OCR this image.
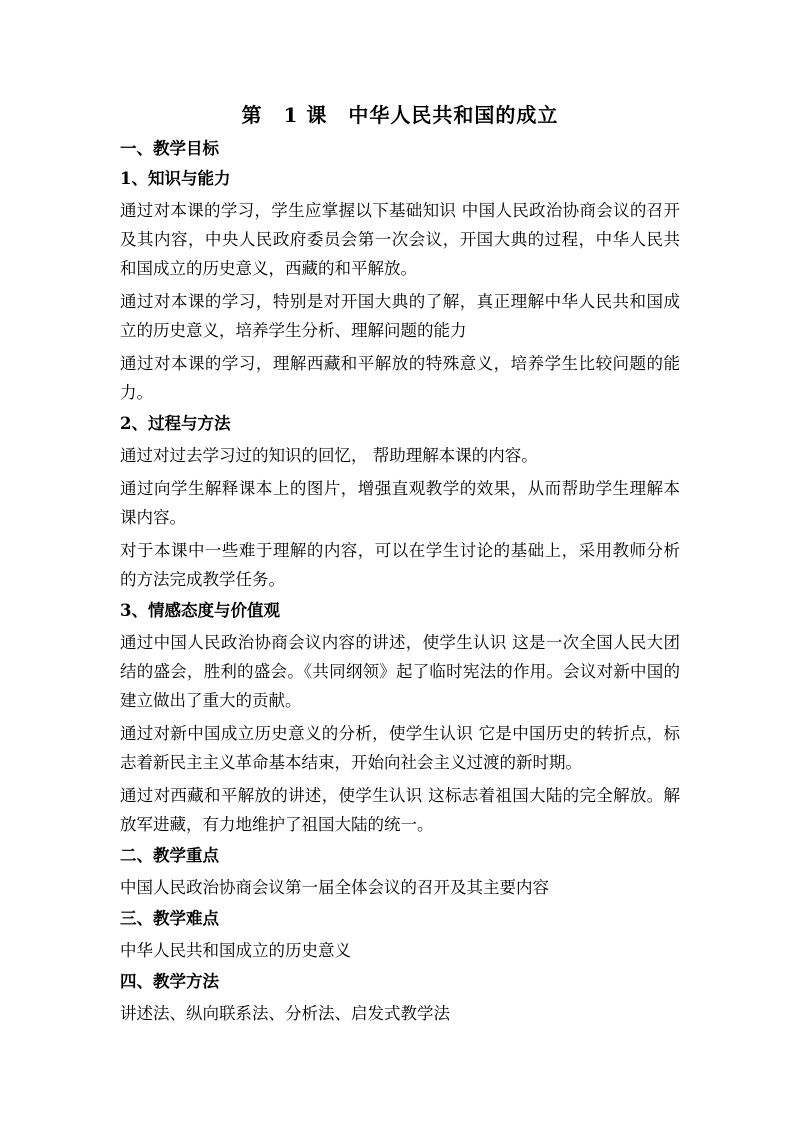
第　1 课　中华人民共和国的成立
一、教学目标
1、知识与能力
通过对本课的学习，学生应掌握以下基础知识 中国人民政治协商会议的召开及其内容，中央人民政府委员会第一次会议，开国大典的过程，中华人民共和国成立的历史意义，西藏的和平解放。
通过对本课的学习，特别是对开国大典的了解，真正理解中华人民共和国成立的历史意义，培养学生分析、理解问题的能力
通过对本课的学习，理解西藏和平解放的特殊意义，培养学生比较问题的能力。
2、过程与方法
通过对过去学习过的知识的回忆， 帮助理解本课的内容。
通过向学生解释课本上的图片，增强直观教学的效果，从而帮助学生理解本课内容。
对于本课中一些难于理解的内容，可以在学生讨论的基础上，采用教师分析的方法完成教学任务。
3、情感态度与价值观
通过中国人民政治协商会议内容的讲述，使学生认识 这是一次全国人民大团结的盛会，胜利的盛会。《共同纲领》起了临时宪法的作用。会议对新中国的建立做出了重大的贡献。
通过对新中国成立历史意义的分析，使学生认识 它是中国历史的转折点，标志着新民主主义革命基本结束，开始向社会主义过渡的新时期。
通过对西藏和平解放的讲述，使学生认识 这标志着祖国大陆的完全解放。解放军进藏，有力地维护了祖国大陆的统一。
二、教学重点
中国人民政治协商会议第一届全体会议的召开及其主要内容
三、教学难点
中华人民共和国成立的历史意义
四、教学方法
讲述法、纵向联系法、分析法、启发式教学法
